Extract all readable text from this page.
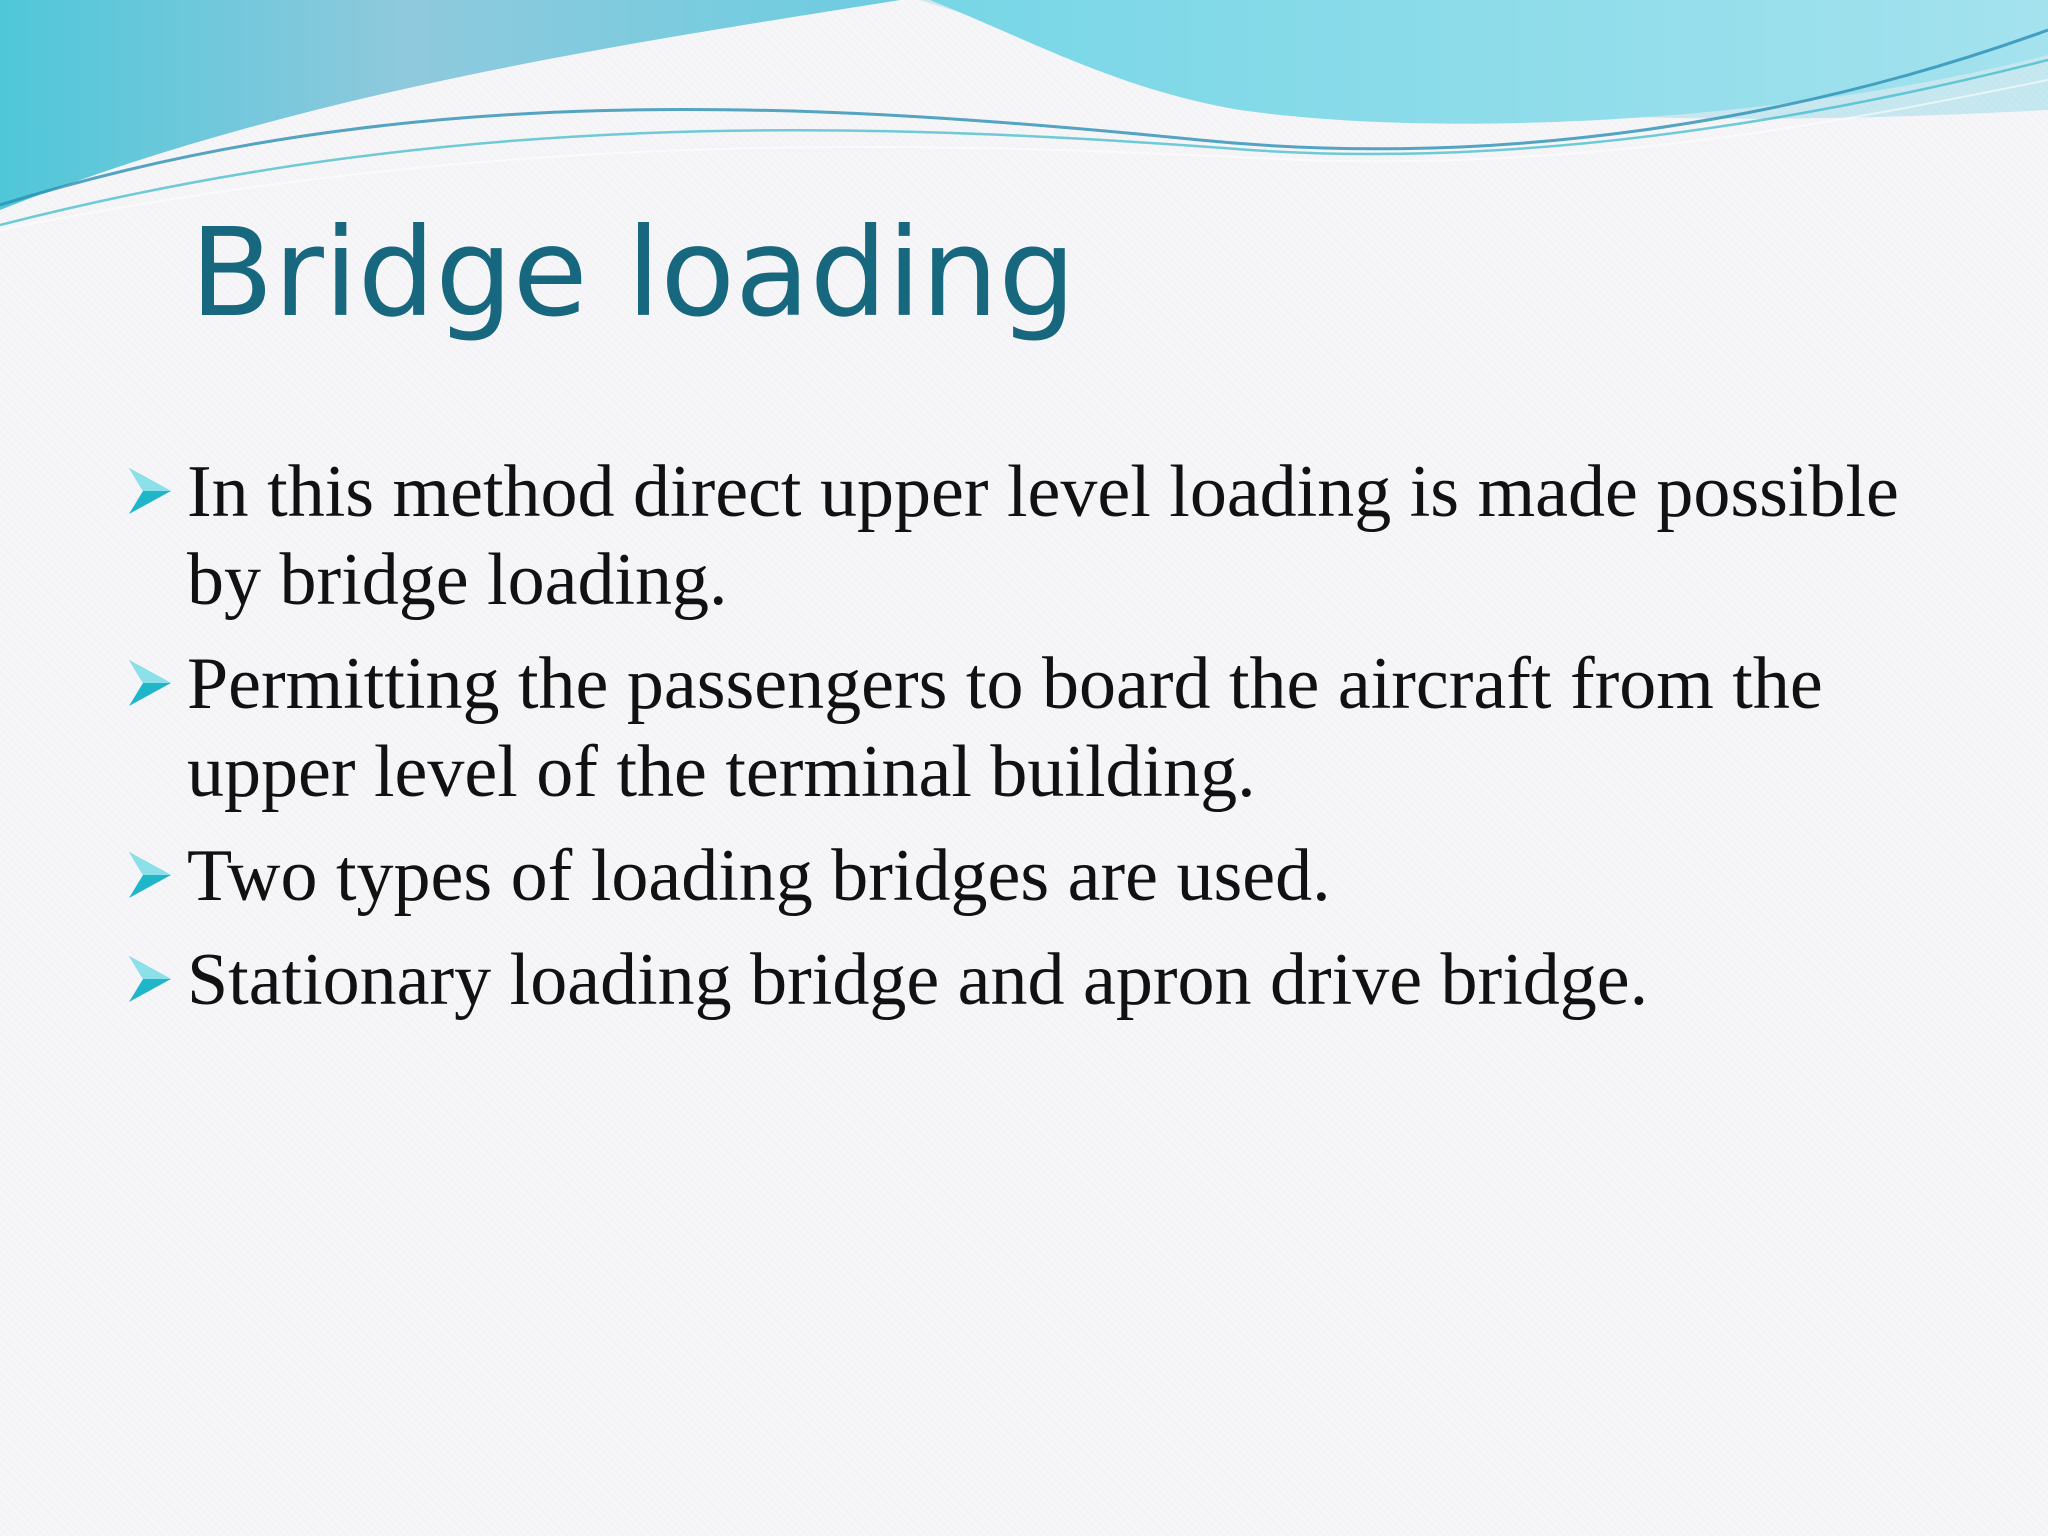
Bridge loading
In this method direct upper level loading is made possible by bridge loading.
Permitting the passengers to board the aircraft from the upper level of the terminal building.
Two types of loading bridges are used.
Stationary loading bridge and apron drive bridge.
